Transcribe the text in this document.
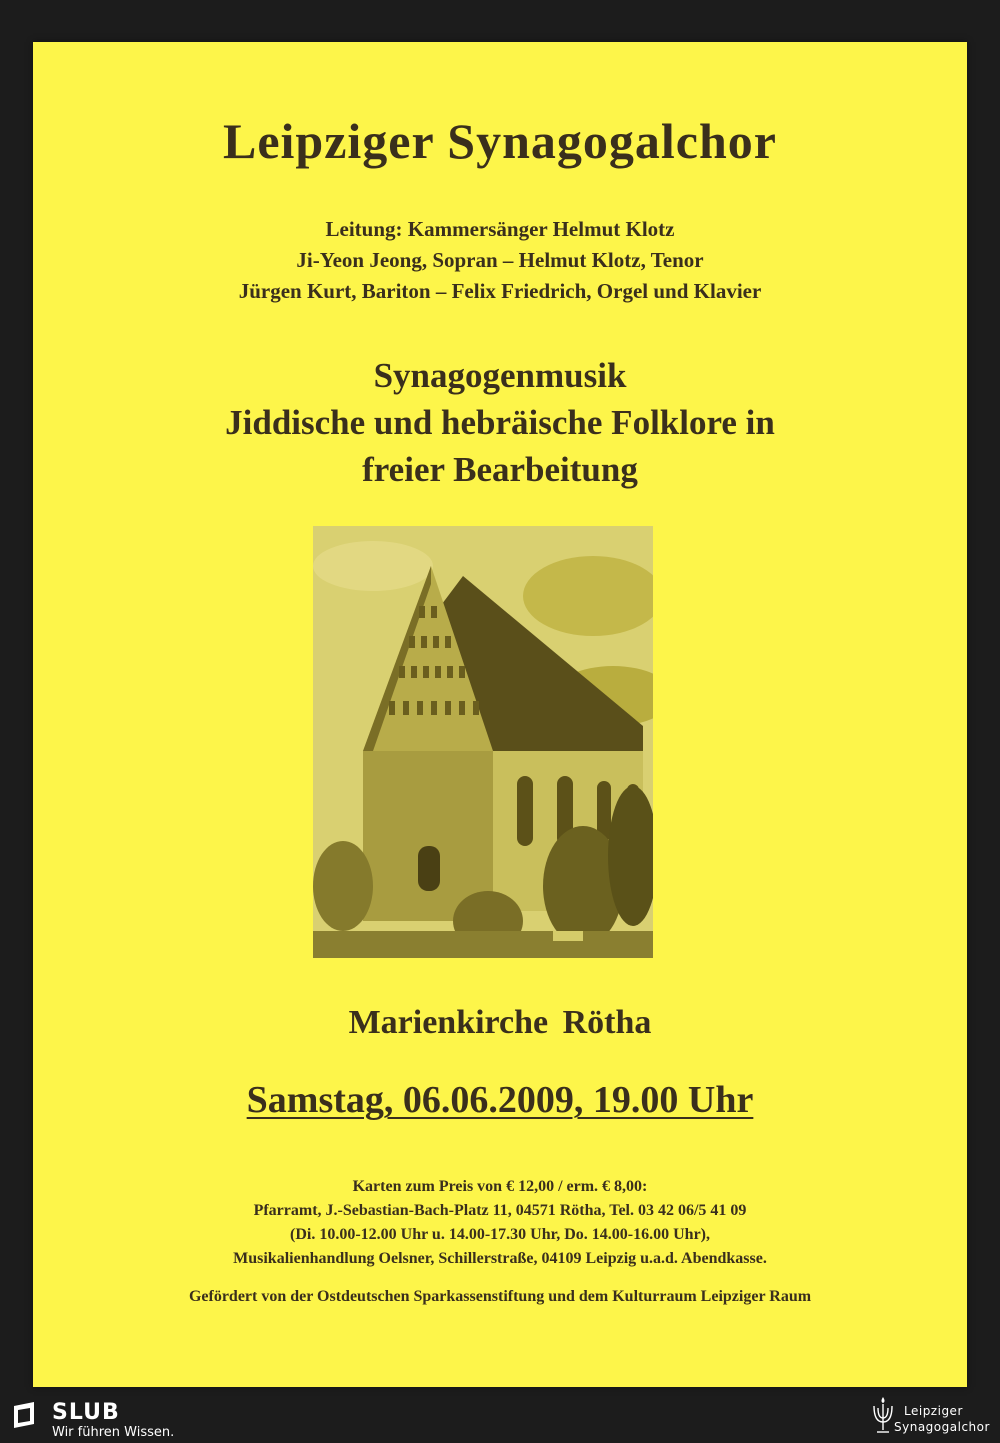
Leipziger Synagogalchor
Leitung: Kammersänger Helmut Klotz
Ji-Yeon Jeong, Sopran – Helmut Klotz, Tenor
Jürgen Kurt, Bariton – Felix Friedrich, Orgel und Klavier
Synagogenmusik
Jiddische und hebräische Folklore in
freier Bearbeitung
Marienkirche Rötha
Samstag, 06.06.2009, 19.00 Uhr
Karten zum Preis von € 12,00 / erm. € 8,00:
Pfarramt, J.-Sebastian-Bach-Platz 11, 04571 Rötha, Tel. 03 42 06/5 41 09
(Di. 10.00-12.00 Uhr u. 14.00-17.30 Uhr, Do. 14.00-16.00 Uhr),
Musikalienhandlung Oelsner, Schillerstraße, 04109 Leipzig u.a.d. Abendkasse.
Gefördert von der Ostdeutschen Sparkassenstiftung und dem Kulturraum Leipziger Raum
SLUB
Wir führen Wissen.
Leipziger
Synagogalchor
